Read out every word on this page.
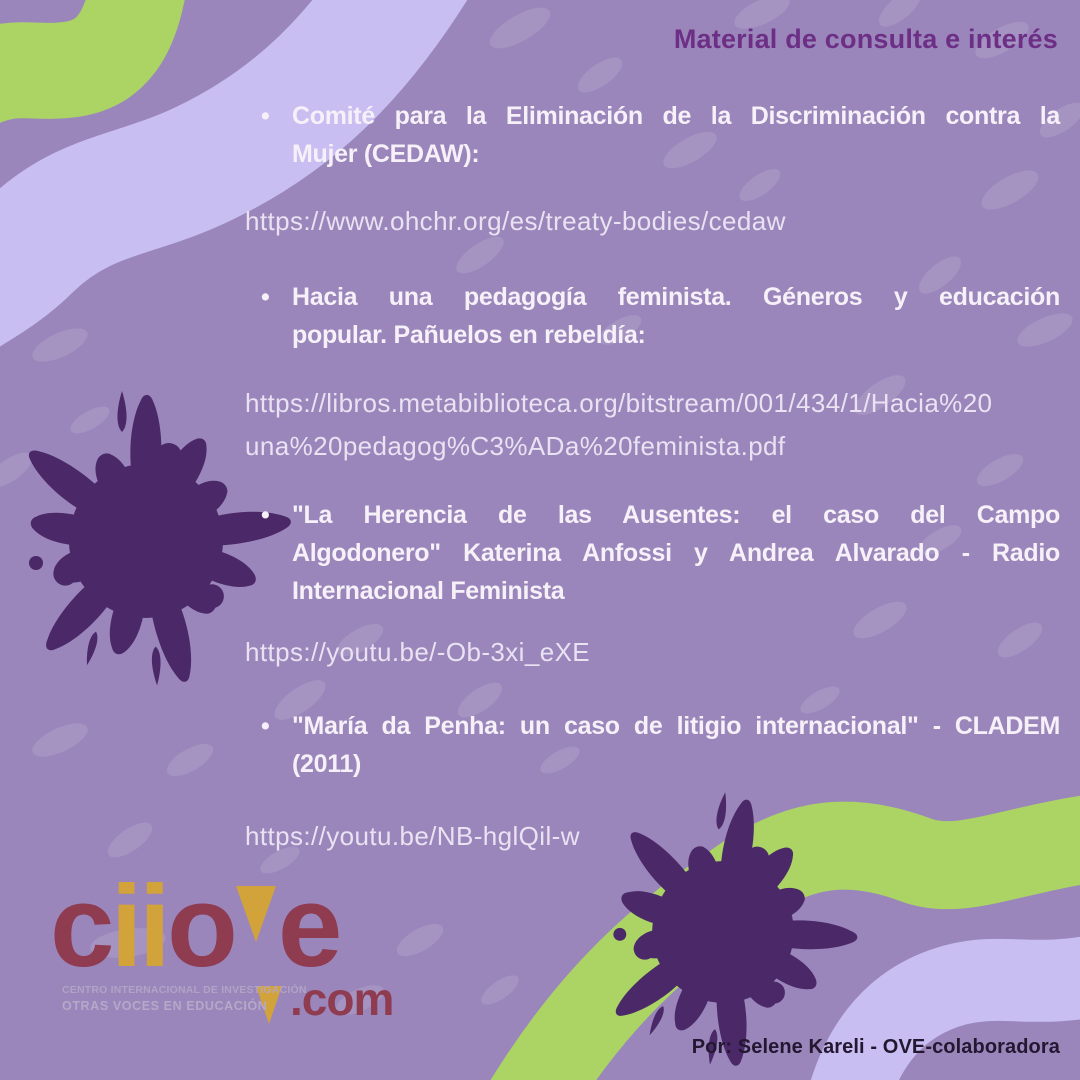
Material de consulta e interés
• Comité para la Eliminación de la Discriminación contra la
Mujer (CEDAW):
https://www.ohchr.org/es/treaty-bodies/cedaw
• Hacia una pedagogía feminista. Géneros y educación
popular. Pañuelos en rebeldía:
https://libros.metabiblioteca.org/bitstream/001/434/1/Hacia%20
una%20pedagog%C3%ADa%20feminista.pdf
• "La Herencia de las Ausentes: el caso del Campo
Algodonero" Katerina Anfossi y Andrea Alvarado - Radio
Internacional Feminista
https://youtu.be/-Ob-3xi_eXE
• "María da Penha: un caso de litigio internacional" - CLADEM
(2011)
https://youtu.be/NB-hglQil-w
ciio e
.com
CENTRO INTERNACIONAL DE INVESTIGACIÓN
OTRAS VOCES EN EDUCACIÓN
Por: Selene Kareli - OVE-colaboradora
